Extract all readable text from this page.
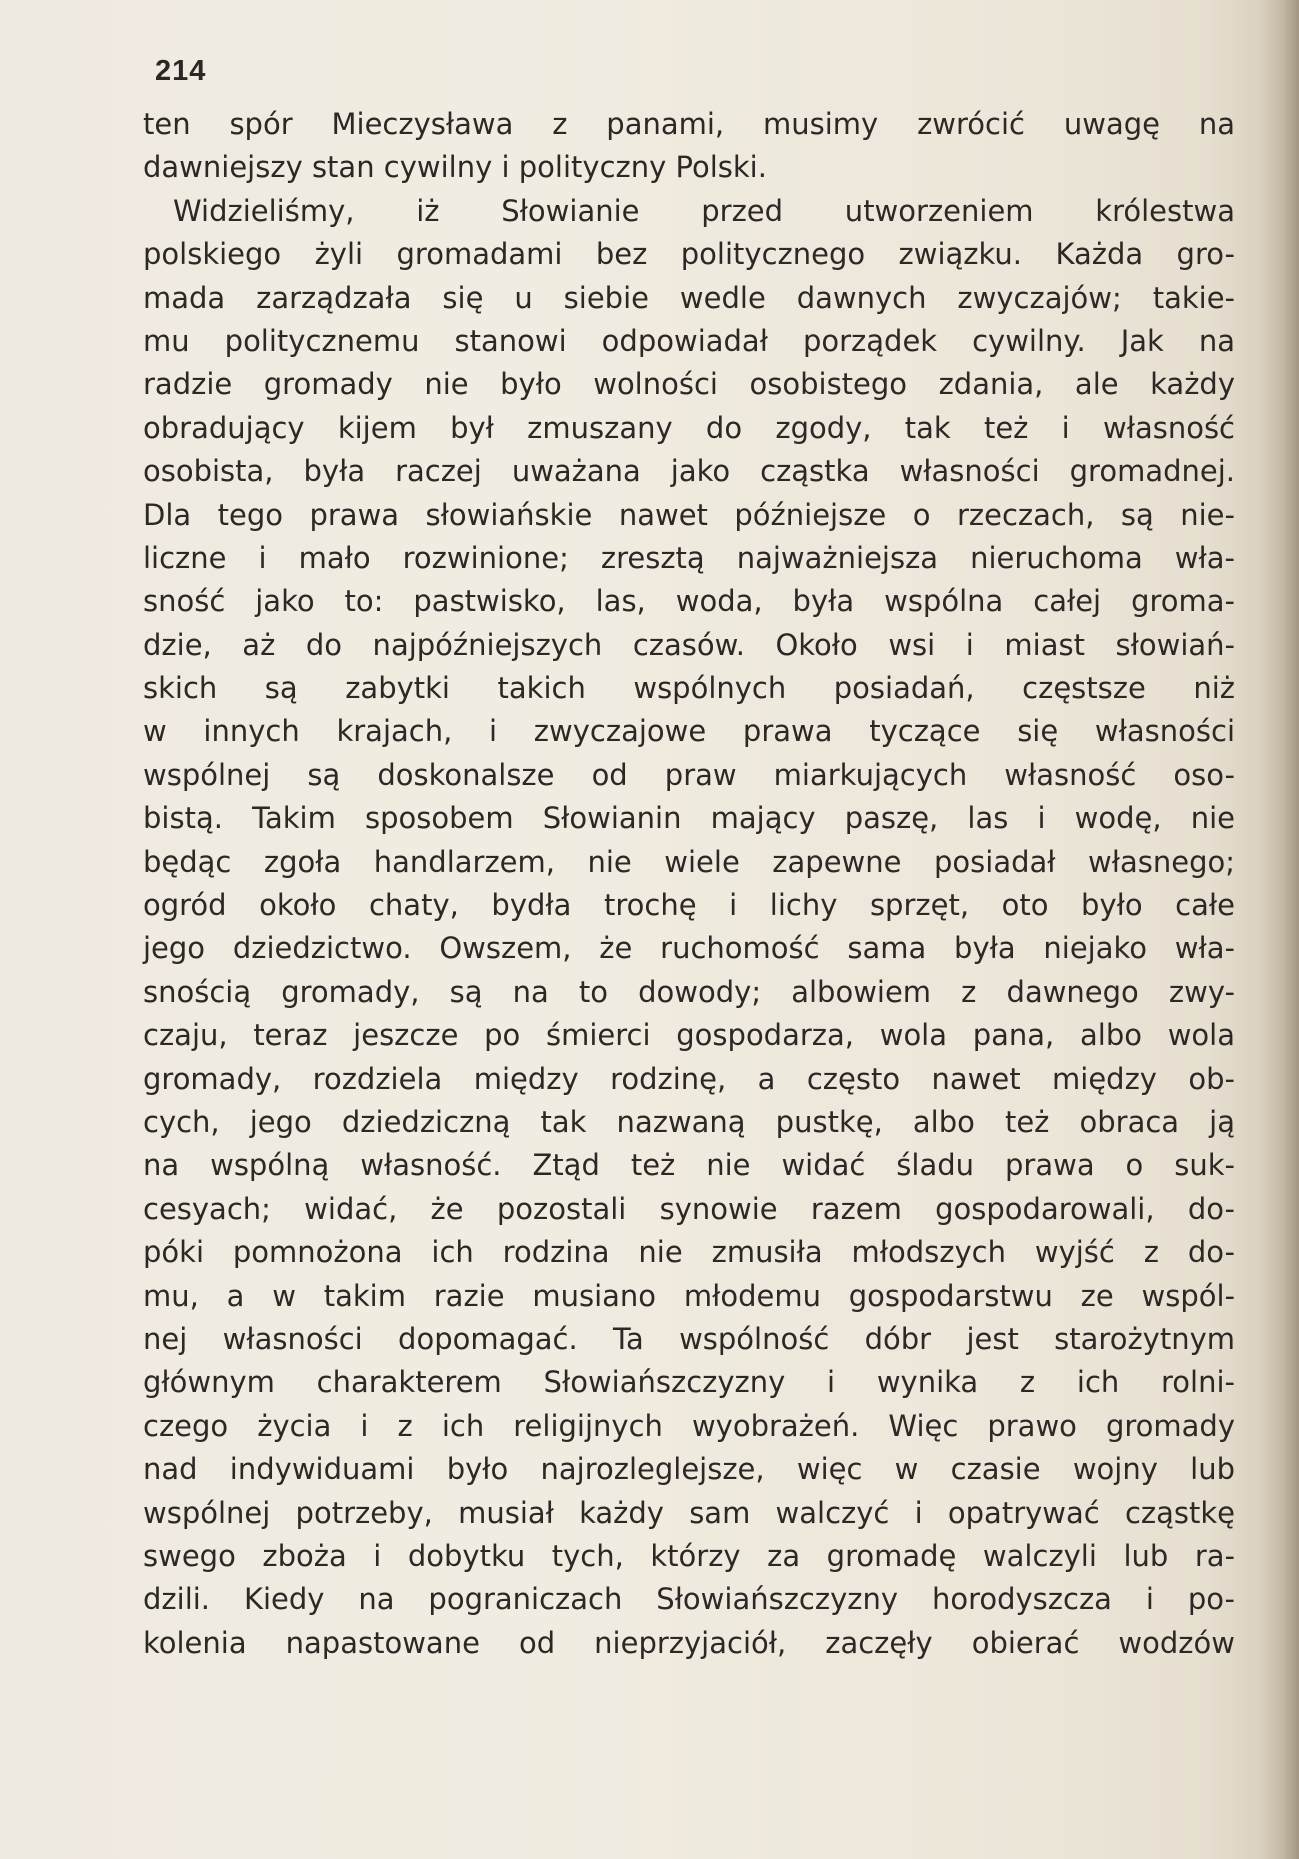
214
ten spór Mieczysława z panami, musimy zwrócić uwagę na
dawniejszy stan cywilny i polityczny Polski.
Widzieliśmy, iż Słowianie przed utworzeniem królestwa
polskiego żyli gromadami bez politycznego związku. Każda gro-
mada zarządzała się u siebie wedle dawnych zwyczajów; takie-
mu politycznemu stanowi odpowiadał porządek cywilny. Jak na
radzie gromady nie było wolności osobistego zdania, ale każdy
obradujący kijem był zmuszany do zgody, tak też i własność
osobista, była raczej uważana jako cząstka własności gromadnej.
Dla tego prawa słowiańskie nawet późniejsze o rzeczach, są nie-
liczne i mało rozwinione; zresztą najważniejsza nieruchoma wła-
sność jako to: pastwisko, las, woda, była wspólna całej groma-
dzie, aż do najpóźniejszych czasów. Około wsi i miast słowiań-
skich są zabytki takich wspólnych posiadań, częstsze niż
w innych krajach, i zwyczajowe prawa tyczące się własności
wspólnej są doskonalsze od praw miarkujących własność oso-
bistą. Takim sposobem Słowianin mający paszę, las i wodę, nie
będąc zgoła handlarzem, nie wiele zapewne posiadał własnego;
ogród około chaty, bydła trochę i lichy sprzęt, oto było całe
jego dziedzictwo. Owszem, że ruchomość sama była niejako wła-
snością gromady, są na to dowody; albowiem z dawnego zwy-
czaju, teraz jeszcze po śmierci gospodarza, wola pana, albo wola
gromady, rozdziela między rodzinę, a często nawet między ob-
cych, jego dziedziczną tak nazwaną pustkę, albo też obraca ją
na wspólną własność. Ztąd też nie widać śladu prawa o suk-
cesyach; widać, że pozostali synowie razem gospodarowali, do-
póki pomnożona ich rodzina nie zmusiła młodszych wyjść z do-
mu, a w takim razie musiano młodemu gospodarstwu ze wspól-
nej własności dopomagać. Ta wspólność dóbr jest starożytnym
głównym charakterem Słowiańszczyzny i wynika z ich rolni-
czego życia i z ich religijnych wyobrażeń. Więc prawo gromady
nad indywiduami było najrozleglejsze, więc w czasie wojny lub
wspólnej potrzeby, musiał każdy sam walczyć i opatrywać cząstkę
swego zboża i dobytku tych, którzy za gromadę walczyli lub ra-
dzili. Kiedy na pograniczach Słowiańszczyzny horodyszcza i po-
kolenia napastowane od nieprzyjaciół, zaczęły obierać wodzów
